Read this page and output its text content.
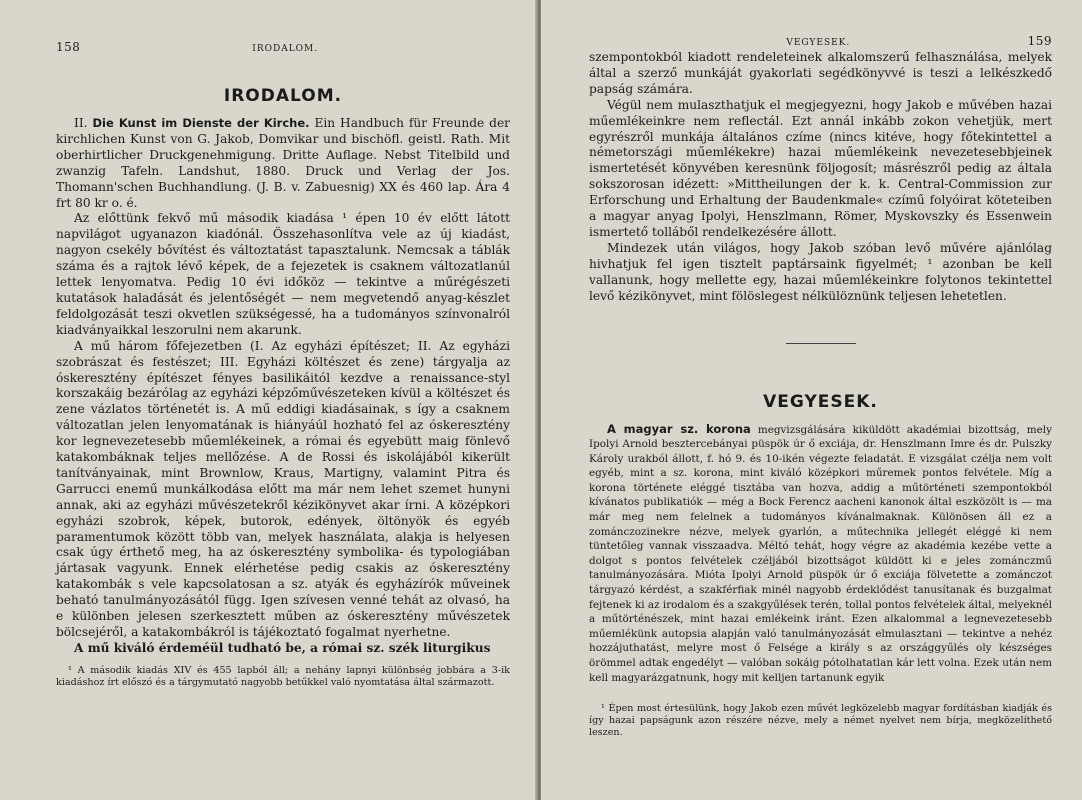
158	IRODALOM.
IRODALOM.

II. Die Kunst im Dienste der Kirche. Ein Handbuch für Freunde der kirchlichen Kunst von G. Jakob, Domvikar und bischöfl. geistl. Rath. Mit oberhirtlicher Druckgenehmigung. Dritte Auflage. Nebst Titelbild und zwanzig Tafeln. Landshut, 1880. Druck und Verlag der Jos. Thomann'schen Buchhandlung. (J. B. v. Zabuesnig) XX és 460 lap. Ára 4 frt 80 kr o. é.

Az előttünk fekvő mű második kiadása ¹ épen 10 év előtt látott napvilágot ugyanazon kiadónál. Összehasonlítva vele az új kiadást, nagyon csekély bővítést és változtatást tapasztalunk. Nemcsak a táblák száma és a rajtok lévő képek, de a fejezetek is csaknem változatlanúl lettek lenyomatva. Pedig 10 évi időköz — tekintve a műrégészeti kutatások haladását és jelentőségét — nem megvetendő anyag-készlet feldolgozását teszi okvetlen szükségessé, ha a tudományos színvonalról kiadványaikkal leszorulni nem akarunk.

A mű három főfejezetben (I. Az egyházi építészet; II. Az egyházi szobrászat és festészet; III. Egyházi költészet és zene) tárgyalja az óskeresztény építészet fényes basilikáitól kezdve a renaissance-styl korszakáig bezárólag az egyházi képzőművészeteken kívül a költészet és zene vázlatos történetét is. A mű eddigi kiadásainak, s így a csaknem változatlan jelen lenyomatának is hiányáúl hozható fel az óskeresztény kor legnevezetesebb műemlékeinek, a római és egyebütt maig fönlevő katakombáknak teljes mellőzése. A de Rossi és iskolájából kikerült tanítványainak, mint Brownlow, Kraus, Martigny, valamint Pitra és Garrucci enemű munkálkodása előtt ma már nem lehet szemet hunyni annak, aki az egyházi művészetekről kézikönyvet akar írni. A középkori egyházi szobrok, képek, butorok, edények, öltönyök és egyéb paramentumok között több van, melyek használata, alakja is helyesen csak úgy érthető meg, ha az óskeresztény symbolika- és typologiában jártasak vagyunk. Ennek elérhetése pedig csakis az óskeresztény katakombák s vele kapcsolatosan a sz. atyák és egyházírók műveinek beható tanulmányozásától függ. Igen szívesen venné tehát az olvasó, ha e különben jelesen szerkesztett műben az óskeresztény művészetek bölcsejéről, a katakombákról is tájékoztató fogalmat nyerhetne.

A mű kiváló érdeméül tudható be, a római sz. szék liturgikus

¹ A második kiadás XIV és 455 lapból áll; a nehány lapnyi különbség jobbára a 3-ik kiadáshoz írt előszó és a tárgymutató nagyobb betűkkel való nyomtatása által származott.
VEGYESEK.	159

szempontokból kiadott rendeleteinek alkalomszerű felhasználása, melyek által a szerző munkáját gyakorlati segédkönyvvé is teszi a lelkészkedő papság számára.

Végül nem mulaszthatjuk el megjegyezni, hogy Jakob e művében hazai műemlékeinkre nem reflectál. Ezt annál inkább zokon vehetjük, mert egyrészről munkája általános czíme (nincs kitéve, hogy főtekintettel a németországi műemlékekre) hazai műemlékeink nevezetesebbjeinek ismertetését könyvében keresnünk följogosít; másrészről pedig az általa sokszorosan idézett: »Mittheilungen der k. k. Central-Commission zur Erforschung und Erhaltung der Baudenkmale« czímű folyóirat köteteiben a magyar anyag Ipolyi, Henszlmann, Römer, Myskovszky és Essenwein ismertető tolláből rendelkezésére állott.

Mindezek után világos, hogy Jakob szóban levő művére ajánlólag hivhatjuk fel igen tisztelt paptársaink figyelmét; ¹ azonban be kell vallanunk, hogy mellette egy, hazai műemlékeinkre folytonos tekintettel levő kézikönyvet, mint fölöslegest nélkülöznünk teljesen lehetetlen.

VEGYESEK.

A magyar sz. korona megvizsgálására kiküldött akadémiai bizottság, mely Ipolyi Arnold besztercebányai püspök úr ő exciája, dr. Henszlmann Imre és dr. Pulszky Károly urakból állott, f. hó 9. és 10-ikén végezte feladatát. E vizsgálat czélja nem volt egyéb, mint a sz. korona, mint kiváló középkori műremek pontos felvétele. Míg a korona története eléggé tisztába van hozva, addig a műtörténeti szempontokból kívánatos publikatiók — még a Bock Ferencz aacheni kanonok által eszközölt is — ma már meg nem felelnek a tudományos kívánalmaknak. Különösen áll ez a zománczozinekre nézve, melyek gyarlón, a műtechnika jellegét eléggé ki nem tüntetőleg vannak visszaadva. Méltó tehát, hogy végre az akadémia kezébe vette a dolgot s pontos felvételek czéljából bizottságot küldött ki e jeles zománczmű tanulmányozására. Mióta Ipolyi Arnold püspök úr ő exciája fölvetette a zománczot tárgyazó kérdést, a szakférfiak minél nagyobb érdeklődést tanusítanak és buzgalmat fejtenek ki az irodalom és a szakgyűlések terén, tollal pontos felvételek által, melyeknél a műtörténészek, mint hazai emlékeink iránt. Ezen alkalommal a legnevezetesebb műemlékünk autopsia alapján való tanulmányozását elmulasztani — tekintve a nehéz hozzájuthatást, melyre most ő Felsége a király s az országgyűlés oly készséges örömmel adtak engedélyt — valóban sokáig pótolhatatlan kár lett volna. Ezek után nem kell magyarázgatnunk, hogy mit kelljen tartanunk egyik

¹ Épen most értesülünk, hogy Jakob ezen művét legközelebb magyar fordításban kiadják és így hazai papságunk azon részére nézve, mely a német nyelvet nem bírja, megközelíthető leszen.
